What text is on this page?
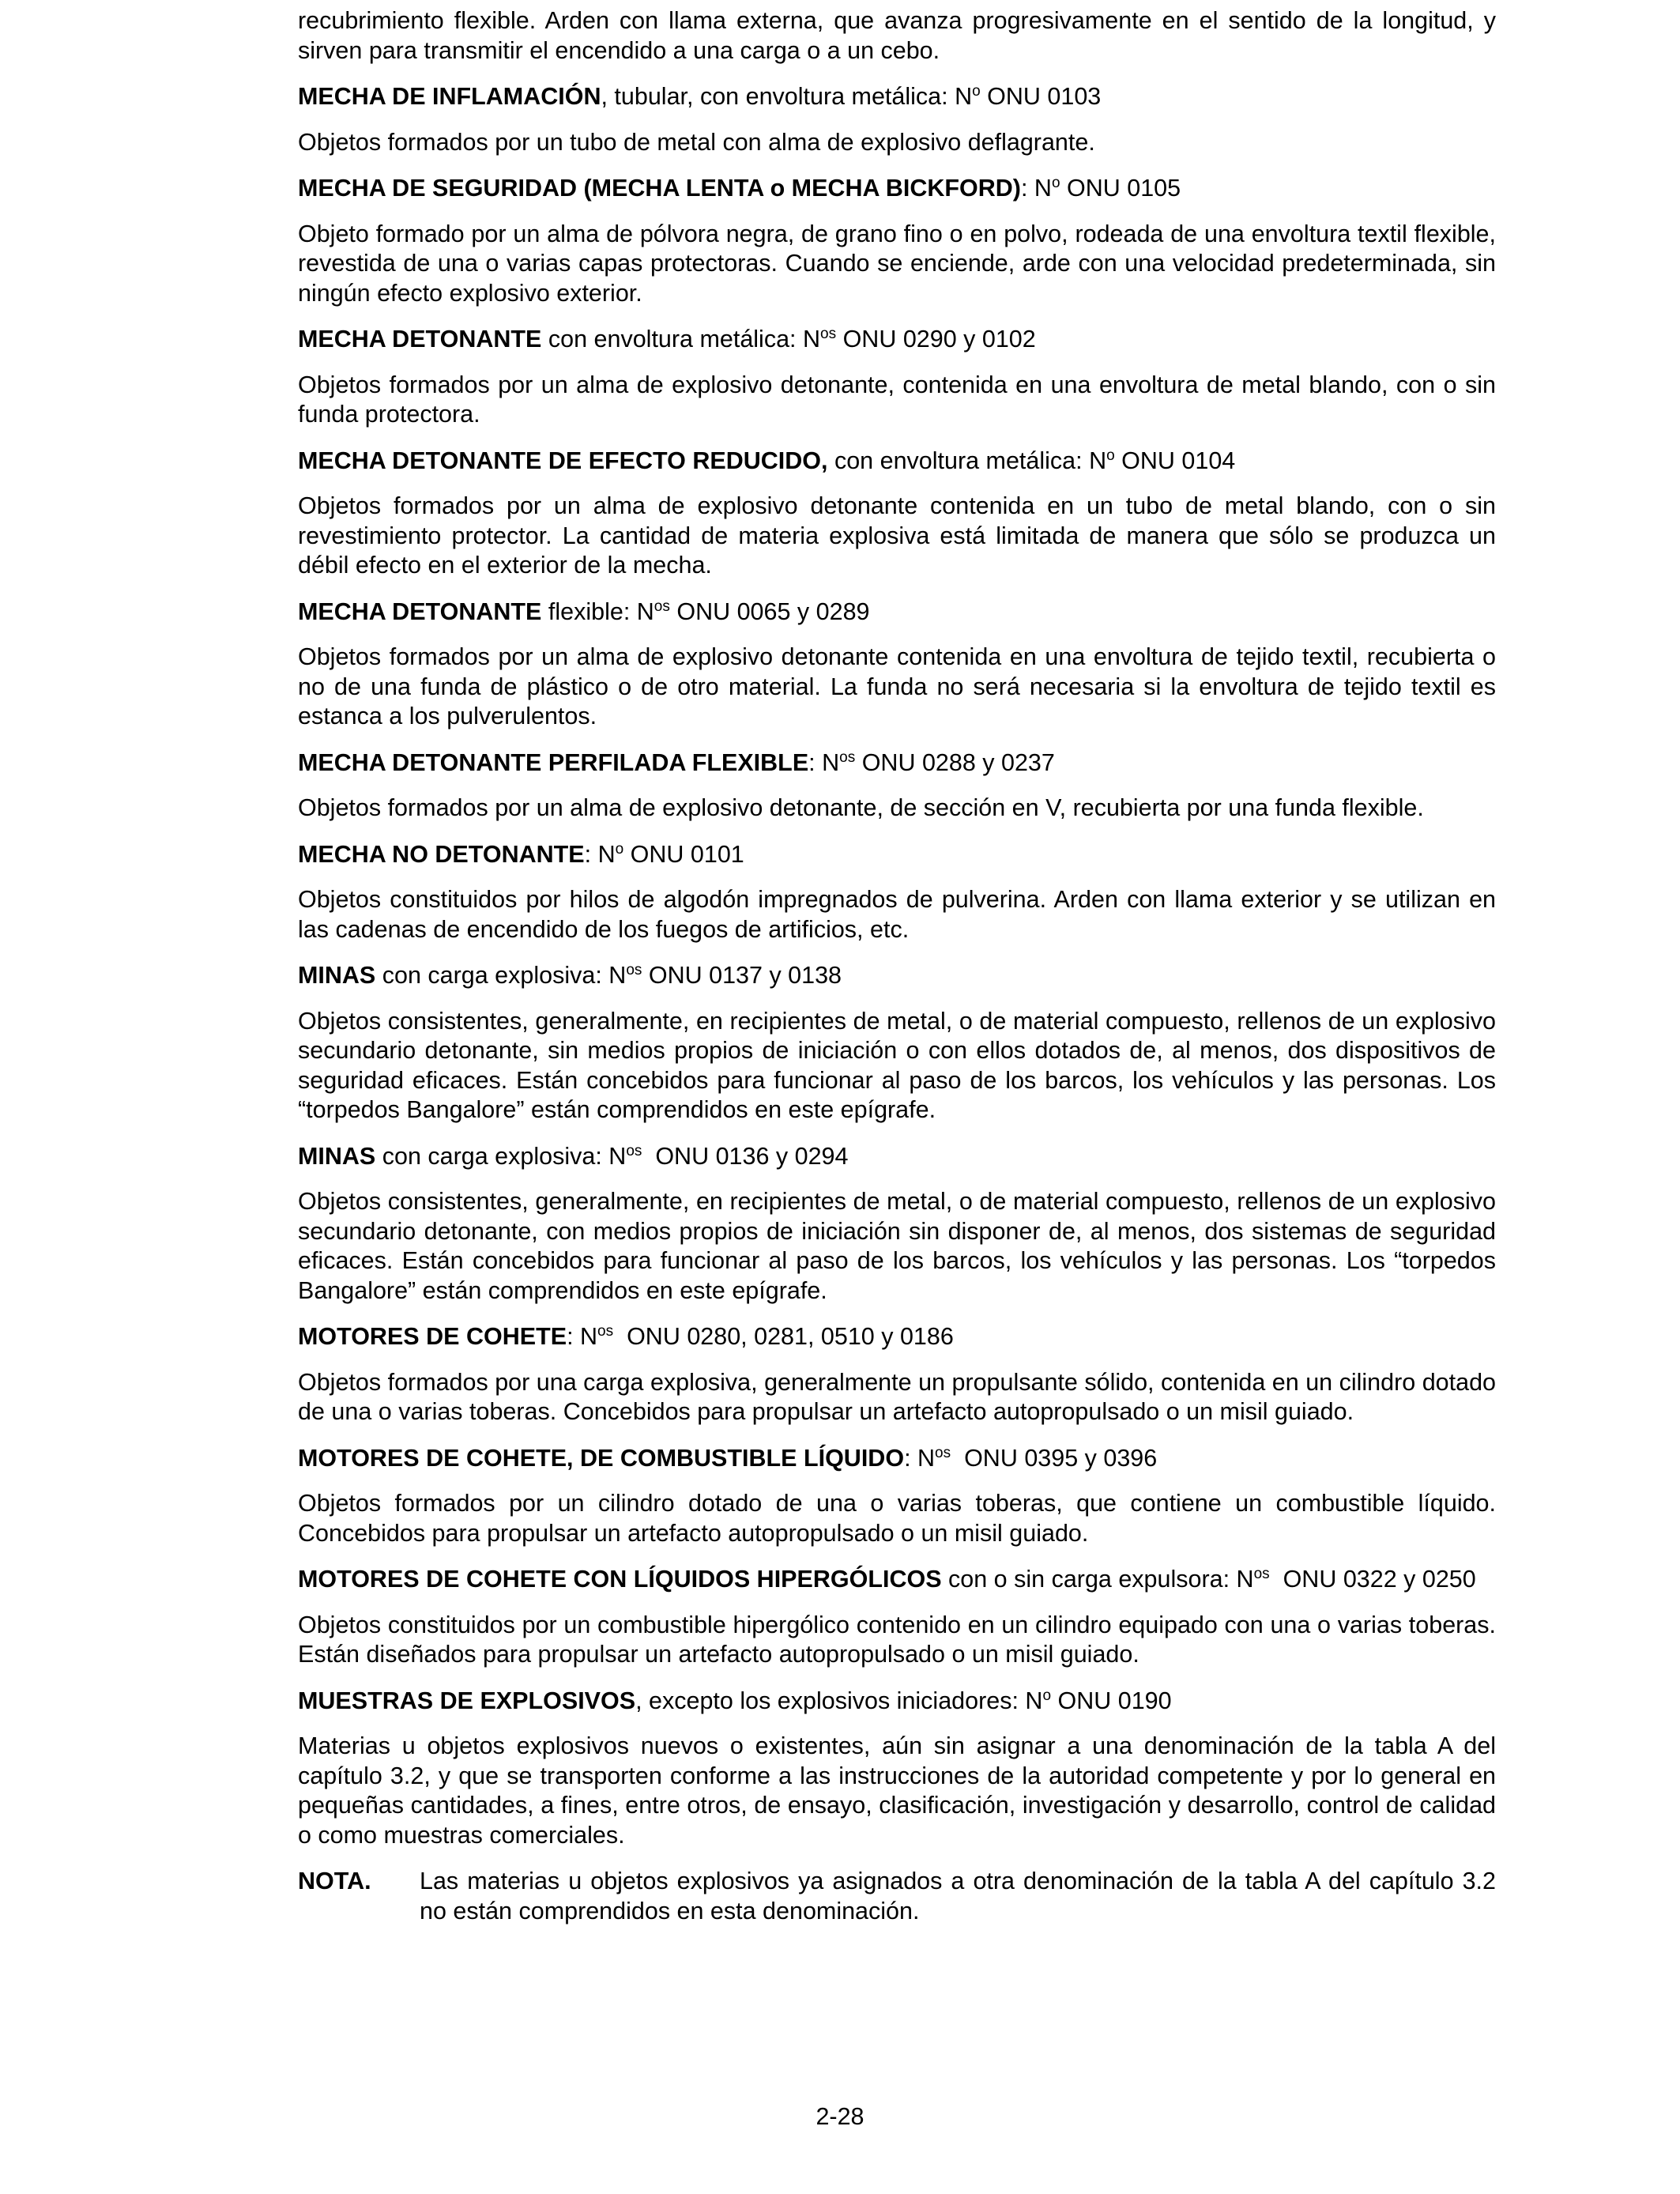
recubrimiento flexible. Arden con llama externa, que avanza progresivamente en el sentido de la longitud, y sirven para transmitir el encendido a una carga o a un cebo.

MECHA DE INFLAMACIÓN, tubular, con envoltura metálica: $N^o$ ONU 0103

Objetos formados por un tubo de metal con alma de explosivo deflagrante.

MECHA DE SEGURIDAD (MECHA LENTA o MECHA BICKFORD): $N^o$ ONU 0105

Objeto formado por un alma de pólvora negra, de grano fino o en polvo, rodeada de una envoltura textil flexible, revestida de una o varias capas protectoras. Cuando se enciende, arde con una velocidad predeterminada, sin ningún efecto explosivo exterior.

MECHA DETONANTE con envoltura metálica: $N^{os}$ ONU 0290 y 0102

Objetos formados por un alma de explosivo detonante, contenida en una envoltura de metal blando, con o sin funda protectora.

MECHA DETONANTE DE EFECTO REDUCIDO, con envoltura metálica: $N^o$ ONU 0104

Objetos formados por un alma de explosivo detonante contenida en un tubo de metal blando, con o sin revestimiento protector. La cantidad de materia explosiva está limitada de manera que sólo se produzca un débil efecto en el exterior de la mecha.

MECHA DETONANTE flexible: $N^{os}$ ONU 0065 y 0289

Objetos formados por un alma de explosivo detonante contenida en una envoltura de tejido textil, recubierta o no de una funda de plástico o de otro material. La funda no será necesaria si la envoltura de tejido textil es estanca a los pulverulentos.

MECHA DETONANTE PERFILADA FLEXIBLE: $N^{os}$ ONU 0288 y 0237

Objetos formados por un alma de explosivo detonante, de sección en V, recubierta por una funda flexible.

MECHA NO DETONANTE: $N^o$ ONU 0101

Objetos constituidos por hilos de algodón impregnados de pulverina. Arden con llama exterior y se utilizan en las cadenas de encendido de los fuegos de artificios, etc.

MINAS con carga explosiva: $N^{os}$ ONU 0137 y 0138

Objetos consistentes, generalmente, en recipientes de metal, o de material compuesto, rellenos de un explosivo secundario detonante, sin medios propios de iniciación o con ellos dotados de, al menos, dos dispositivos de seguridad eficaces. Están concebidos para funcionar al paso de los barcos, los vehículos y las personas. Los “torpedos Bangalore” están comprendidos en este epígrafe.

MINAS con carga explosiva: $N^{os}$  ONU 0136 y 0294

Objetos consistentes, generalmente, en recipientes de metal, o de material compuesto, rellenos de un explosivo secundario detonante, con medios propios de iniciación sin disponer de, al menos, dos sistemas de seguridad eficaces. Están concebidos para funcionar al paso de los barcos, los vehículos y las personas. Los “torpedos Bangalore” están comprendidos en este epígrafe.

MOTORES DE COHETE: $N^{os}$  ONU 0280, 0281, 0510 y 0186

Objetos formados por una carga explosiva, generalmente un propulsante sólido, contenida en un cilindro dotado de una o varias toberas. Concebidos para propulsar un artefacto autopropulsado o un misil guiado.

MOTORES DE COHETE, DE COMBUSTIBLE LÍQUIDO: $N^{os}$  ONU 0395 y 0396

Objetos formados por un cilindro dotado de una o varias toberas, que contiene un combustible líquido. Concebidos para propulsar un artefacto autopropulsado o un misil guiado.

MOTORES DE COHETE CON LÍQUIDOS HIPERGÓLICOS con o sin carga expulsora: $N^{os}$  ONU 0322 y 0250

Objetos constituidos por un combustible hipergólico contenido en un cilindro equipado con una o varias toberas. Están diseñados para propulsar un artefacto autopropulsado o un misil guiado.

MUESTRAS DE EXPLOSIVOS, excepto los explosivos iniciadores: $N^o$ ONU 0190

Materias u objetos explosivos nuevos o existentes, aún sin asignar a una denominación de la tabla A del capítulo 3.2, y que se transporten conforme a las instrucciones de la autoridad competente y por lo general en pequeñas cantidades, a fines, entre otros, de ensayo, clasificación, investigación y desarrollo, control de calidad o como muestras comerciales.

NOTA.	Las materias u objetos explosivos ya asignados a otra denominación de la tabla A del capítulo 3.2 no están comprendidos en esta denominación.
2-28
